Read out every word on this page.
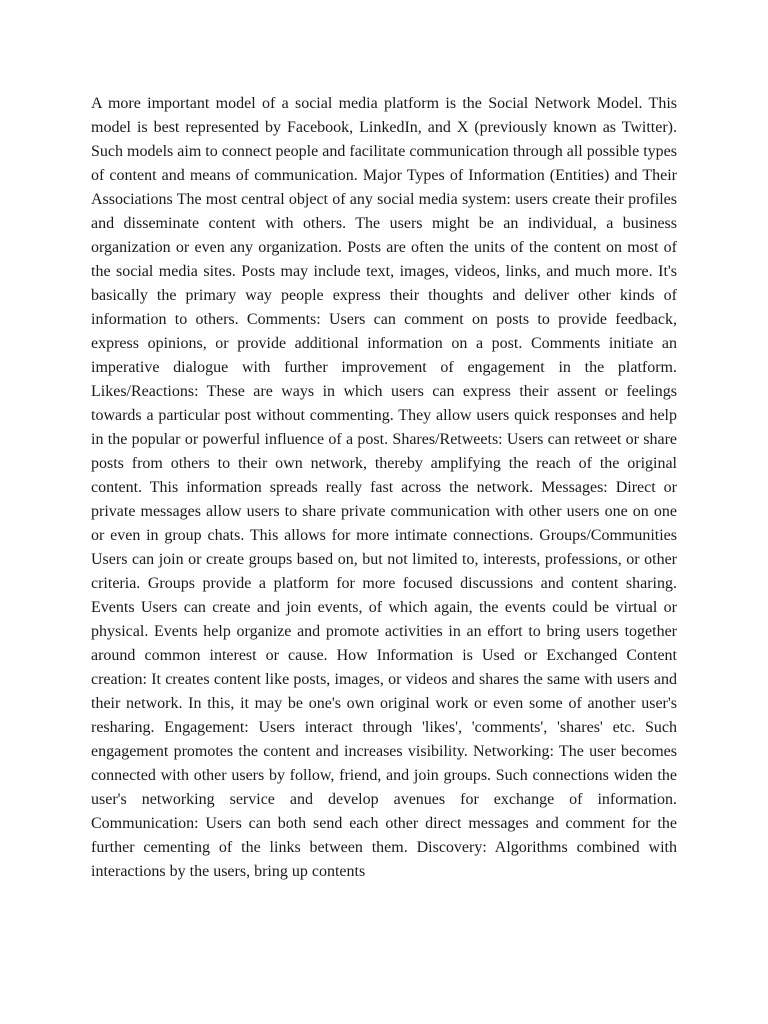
A more important model of a social media platform is the Social Network Model. This model is best represented by Facebook, LinkedIn, and X (previously known as Twitter). Such models aim to connect people and facilitate communication through all possible types of content and means of communication. Major Types of Information (Entities) and Their Associations The most central object of any social media system: users create their profiles and disseminate content with others. The users might be an individual, a business organization or even any organization. Posts are often the units of the content on most of the social media sites. Posts may include text, images, videos, links, and much more. It's basically the primary way people express their thoughts and deliver other kinds of information to others. Comments: Users can comment on posts to provide feedback, express opinions, or provide additional information on a post. Comments initiate an imperative dialogue with further improvement of engagement in the platform. Likes/Reactions: These are ways in which users can express their assent or feelings towards a particular post without commenting. They allow users quick responses and help in the popular or powerful influence of a post. Shares/Retweets: Users can retweet or share posts from others to their own network, thereby amplifying the reach of the original content. This information spreads really fast across the network. Messages: Direct or private messages allow users to share private communication with other users one on one or even in group chats. This allows for more intimate connections. Groups/Communities Users can join or create groups based on, but not limited to, interests, professions, or other criteria. Groups provide a platform for more focused discussions and content sharing. Events Users can create and join events, of which again, the events could be virtual or physical. Events help organize and promote activities in an effort to bring users together around common interest or cause. How Information is Used or Exchanged Content creation: It creates content like posts, images, or videos and shares the same with users and their network. In this, it may be one's own original work or even some of another user's resharing. Engagement: Users interact through 'likes', 'comments', 'shares' etc. Such engagement promotes the content and increases visibility. Networking: The user becomes connected with other users by follow, friend, and join groups. Such connections widen the user's networking service and develop avenues for exchange of information. Communication: Users can both send each other direct messages and comment for the further cementing of the links between them. Discovery: Algorithms combined with interactions by the users, bring up contents
